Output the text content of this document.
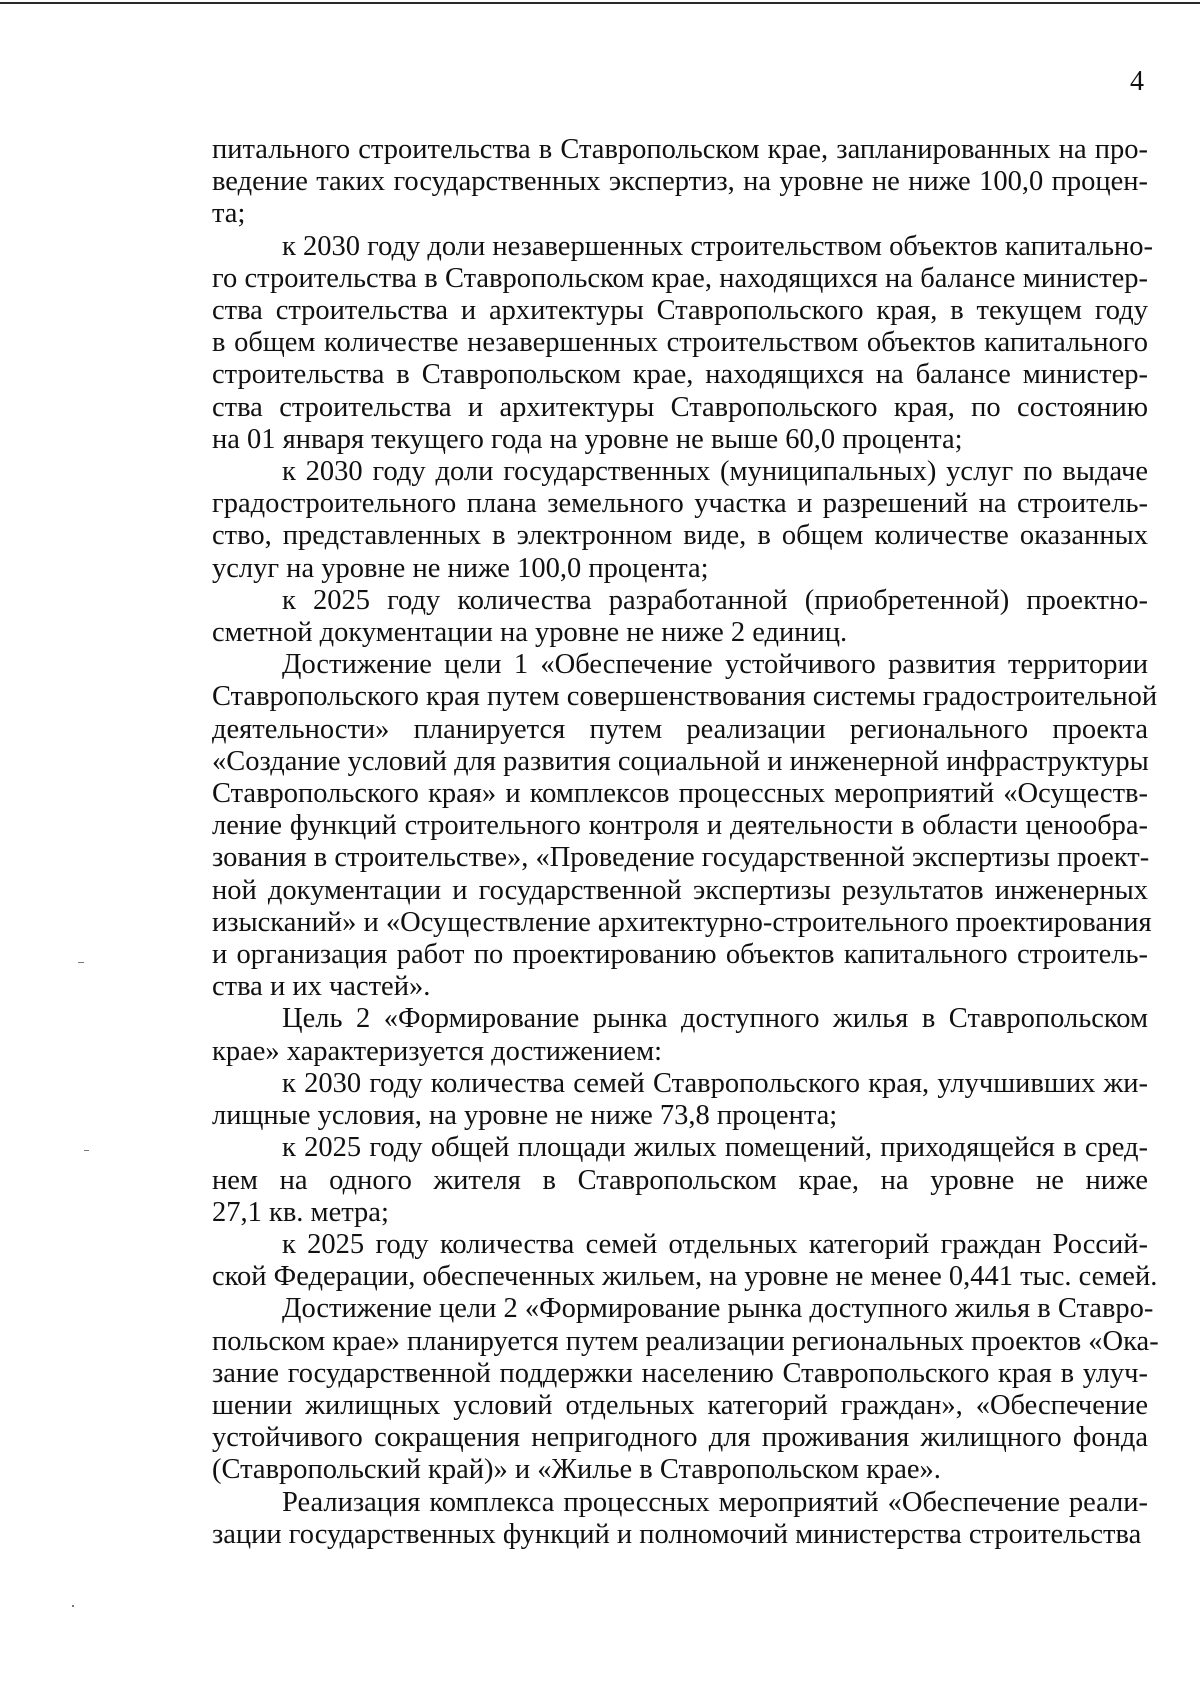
4
питального строительства в Ставропольском крае, запланированных на про-
ведение таких государственных экспертиз, на уровне не ниже 100,0 процен-
та;
к 2030 году доли незавершенных строительством объектов капитально-
го строительства в Ставропольском крае, находящихся на балансе министер-
ства строительства и архитектуры Ставропольского края, в текущем году
в общем количестве незавершенных строительством объектов капитального
строительства в Ставропольском крае, находящихся на балансе министер-
ства строительства и архитектуры Ставропольского края, по состоянию
на 01 января текущего года на уровне не выше 60,0 процента;
к 2030 году доли государственных (муниципальных) услуг по выдаче
градостроительного плана земельного участка и разрешений на строитель-
ство, представленных в электронном виде, в общем количестве оказанных
услуг на уровне не ниже 100,0 процента;
к 2025 году количества разработанной (приобретенной) проектно-
сметной документации на уровне не ниже 2 единиц.
Достижение цели 1 «Обеспечение устойчивого развития территории
Ставропольского края путем совершенствования системы градостроительной
деятельности» планируется путем реализации регионального проекта
«Создание условий для развития социальной и инженерной инфраструктуры
Ставропольского края» и комплексов процессных мероприятий «Осуществ-
ление функций строительного контроля и деятельности в области ценообра-
зования в строительстве», «Проведение государственной экспертизы проект-
ной документации и государственной экспертизы результатов инженерных
изысканий» и «Осуществление архитектурно-строительного проектирования
и организация работ по проектированию объектов капитального строитель-
ства и их частей».
Цель 2 «Формирование рынка доступного жилья в Ставропольском
крае» характеризуется достижением:
к 2030 году количества семей Ставропольского края, улучшивших жи-
лищные условия, на уровне не ниже 73,8 процента;
к 2025 году общей площади жилых помещений, приходящейся в сред-
нем на одного жителя в Ставропольском крае, на уровне не ниже
27,1 кв. метра;
к 2025 году количества семей отдельных категорий граждан Россий-
ской Федерации, обеспеченных жильем, на уровне не менее 0,441 тыс. семей.
Достижение цели 2 «Формирование рынка доступного жилья в Ставро-
польском крае» планируется путем реализации региональных проектов «Ока-
зание государственной поддержки населению Ставропольского края в улуч-
шении жилищных условий отдельных категорий граждан», «Обеспечение
устойчивого сокращения непригодного для проживания жилищного фонда
(Ставропольский край)» и «Жилье в Ставропольском крае».
Реализация комплекса процессных мероприятий «Обеспечение реали-
зации государственных функций и полномочий министерства строительства
